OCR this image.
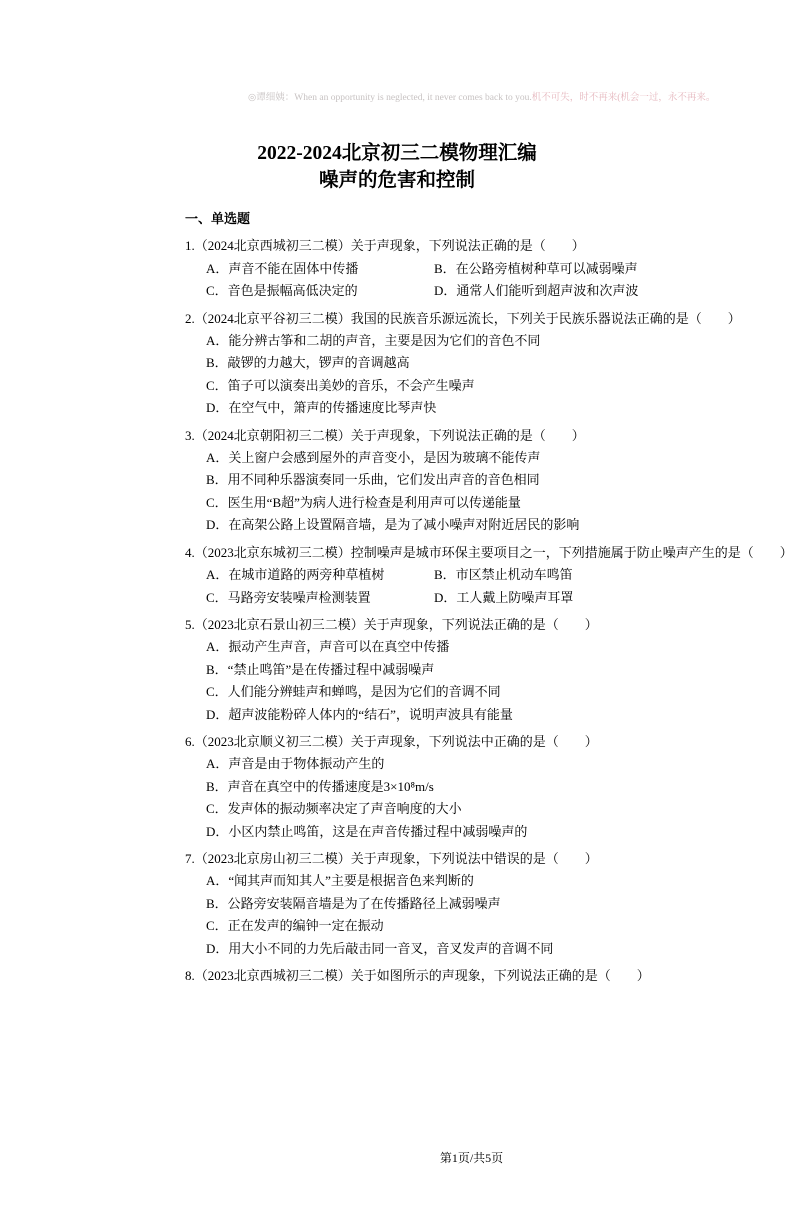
◎谭细姨：When an opportunity is neglected, it never comes back to you.机不可失，时不再来(机会一过，永不再来。
2022-2024北京初三二模物理汇编
噪声的危害和控制
一、单选题
1.（2024北京西城初三二模）关于声现象，下列说法正确的是（　　）
A．声音不能在固体中传播	B．在公路旁植树种草可以减弱噪声
C．音色是振幅高低决定的	D．通常人们能听到超声波和次声波
2.（2024北京平谷初三二模）我国的民族音乐源远流长，下列关于民族乐器说法正确的是（　　）
A．能分辨古筝和二胡的声音，主要是因为它们的音色不同
B．敲锣的力越大，锣声的音调越高
C．笛子可以演奏出美妙的音乐，不会产生噪声
D．在空气中，箫声的传播速度比琴声快
3.（2024北京朝阳初三二模）关于声现象，下列说法正确的是（　　）
A．关上窗户会感到屋外的声音变小，是因为玻璃不能传声
B．用不同种乐器演奏同一乐曲，它们发出声音的音色相同
C．医生用“B超”为病人进行检查是利用声可以传递能量
D．在高架公路上设置隔音墙，是为了减小噪声对附近居民的影响
4.（2023北京东城初三二模）控制噪声是城市环保主要项目之一，下列措施属于防止噪声产生的是（　　）
A．在城市道路的两旁种草植树	B．市区禁止机动车鸣笛
C．马路旁安装噪声检测装置	D．工人戴上防噪声耳罩
5.（2023北京石景山初三二模）关于声现象，下列说法正确的是（　　）
A．振动产生声音，声音可以在真空中传播
B．“禁止鸣笛”是在传播过程中减弱噪声
C．人们能分辨蛙声和蝉鸣，是因为它们的音调不同
D．超声波能粉碎人体内的“结石”，说明声波具有能量
6.（2023北京顺义初三二模）关于声现象，下列说法中正确的是（　　）
A．声音是由于物体振动产生的
B．声音在真空中的传播速度是3×10⁸m/s
C．发声体的振动频率决定了声音响度的大小
D．小区内禁止鸣笛，这是在声音传播过程中减弱噪声的
7.（2023北京房山初三二模）关于声现象，下列说法中错误的是（　　）
A．“闻其声而知其人”主要是根据音色来判断的
B．公路旁安装隔音墙是为了在传播路径上减弱噪声
C．正在发声的编钟一定在振动
D．用大小不同的力先后敲击同一音叉，音叉发声的音调不同
8.（2023北京西城初三二模）关于如图所示的声现象，下列说法正确的是（　　）
第1页/共5页
